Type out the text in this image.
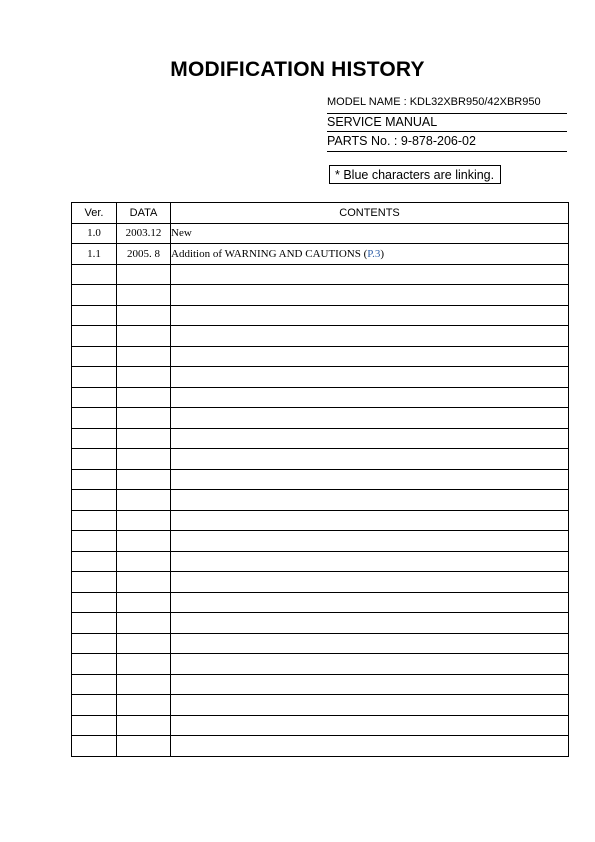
MODIFICATION HISTORY
MODEL NAME : KDL32XBR950/42XBR950
SERVICE MANUAL
PARTS No. : 9-878-206-02
* Blue characters are linking.
Ver.	DATA	CONTENTS
1.0	2003.12	New
1.1	2005. 8	Addition of WARNING AND CAUTIONS (P.3)
